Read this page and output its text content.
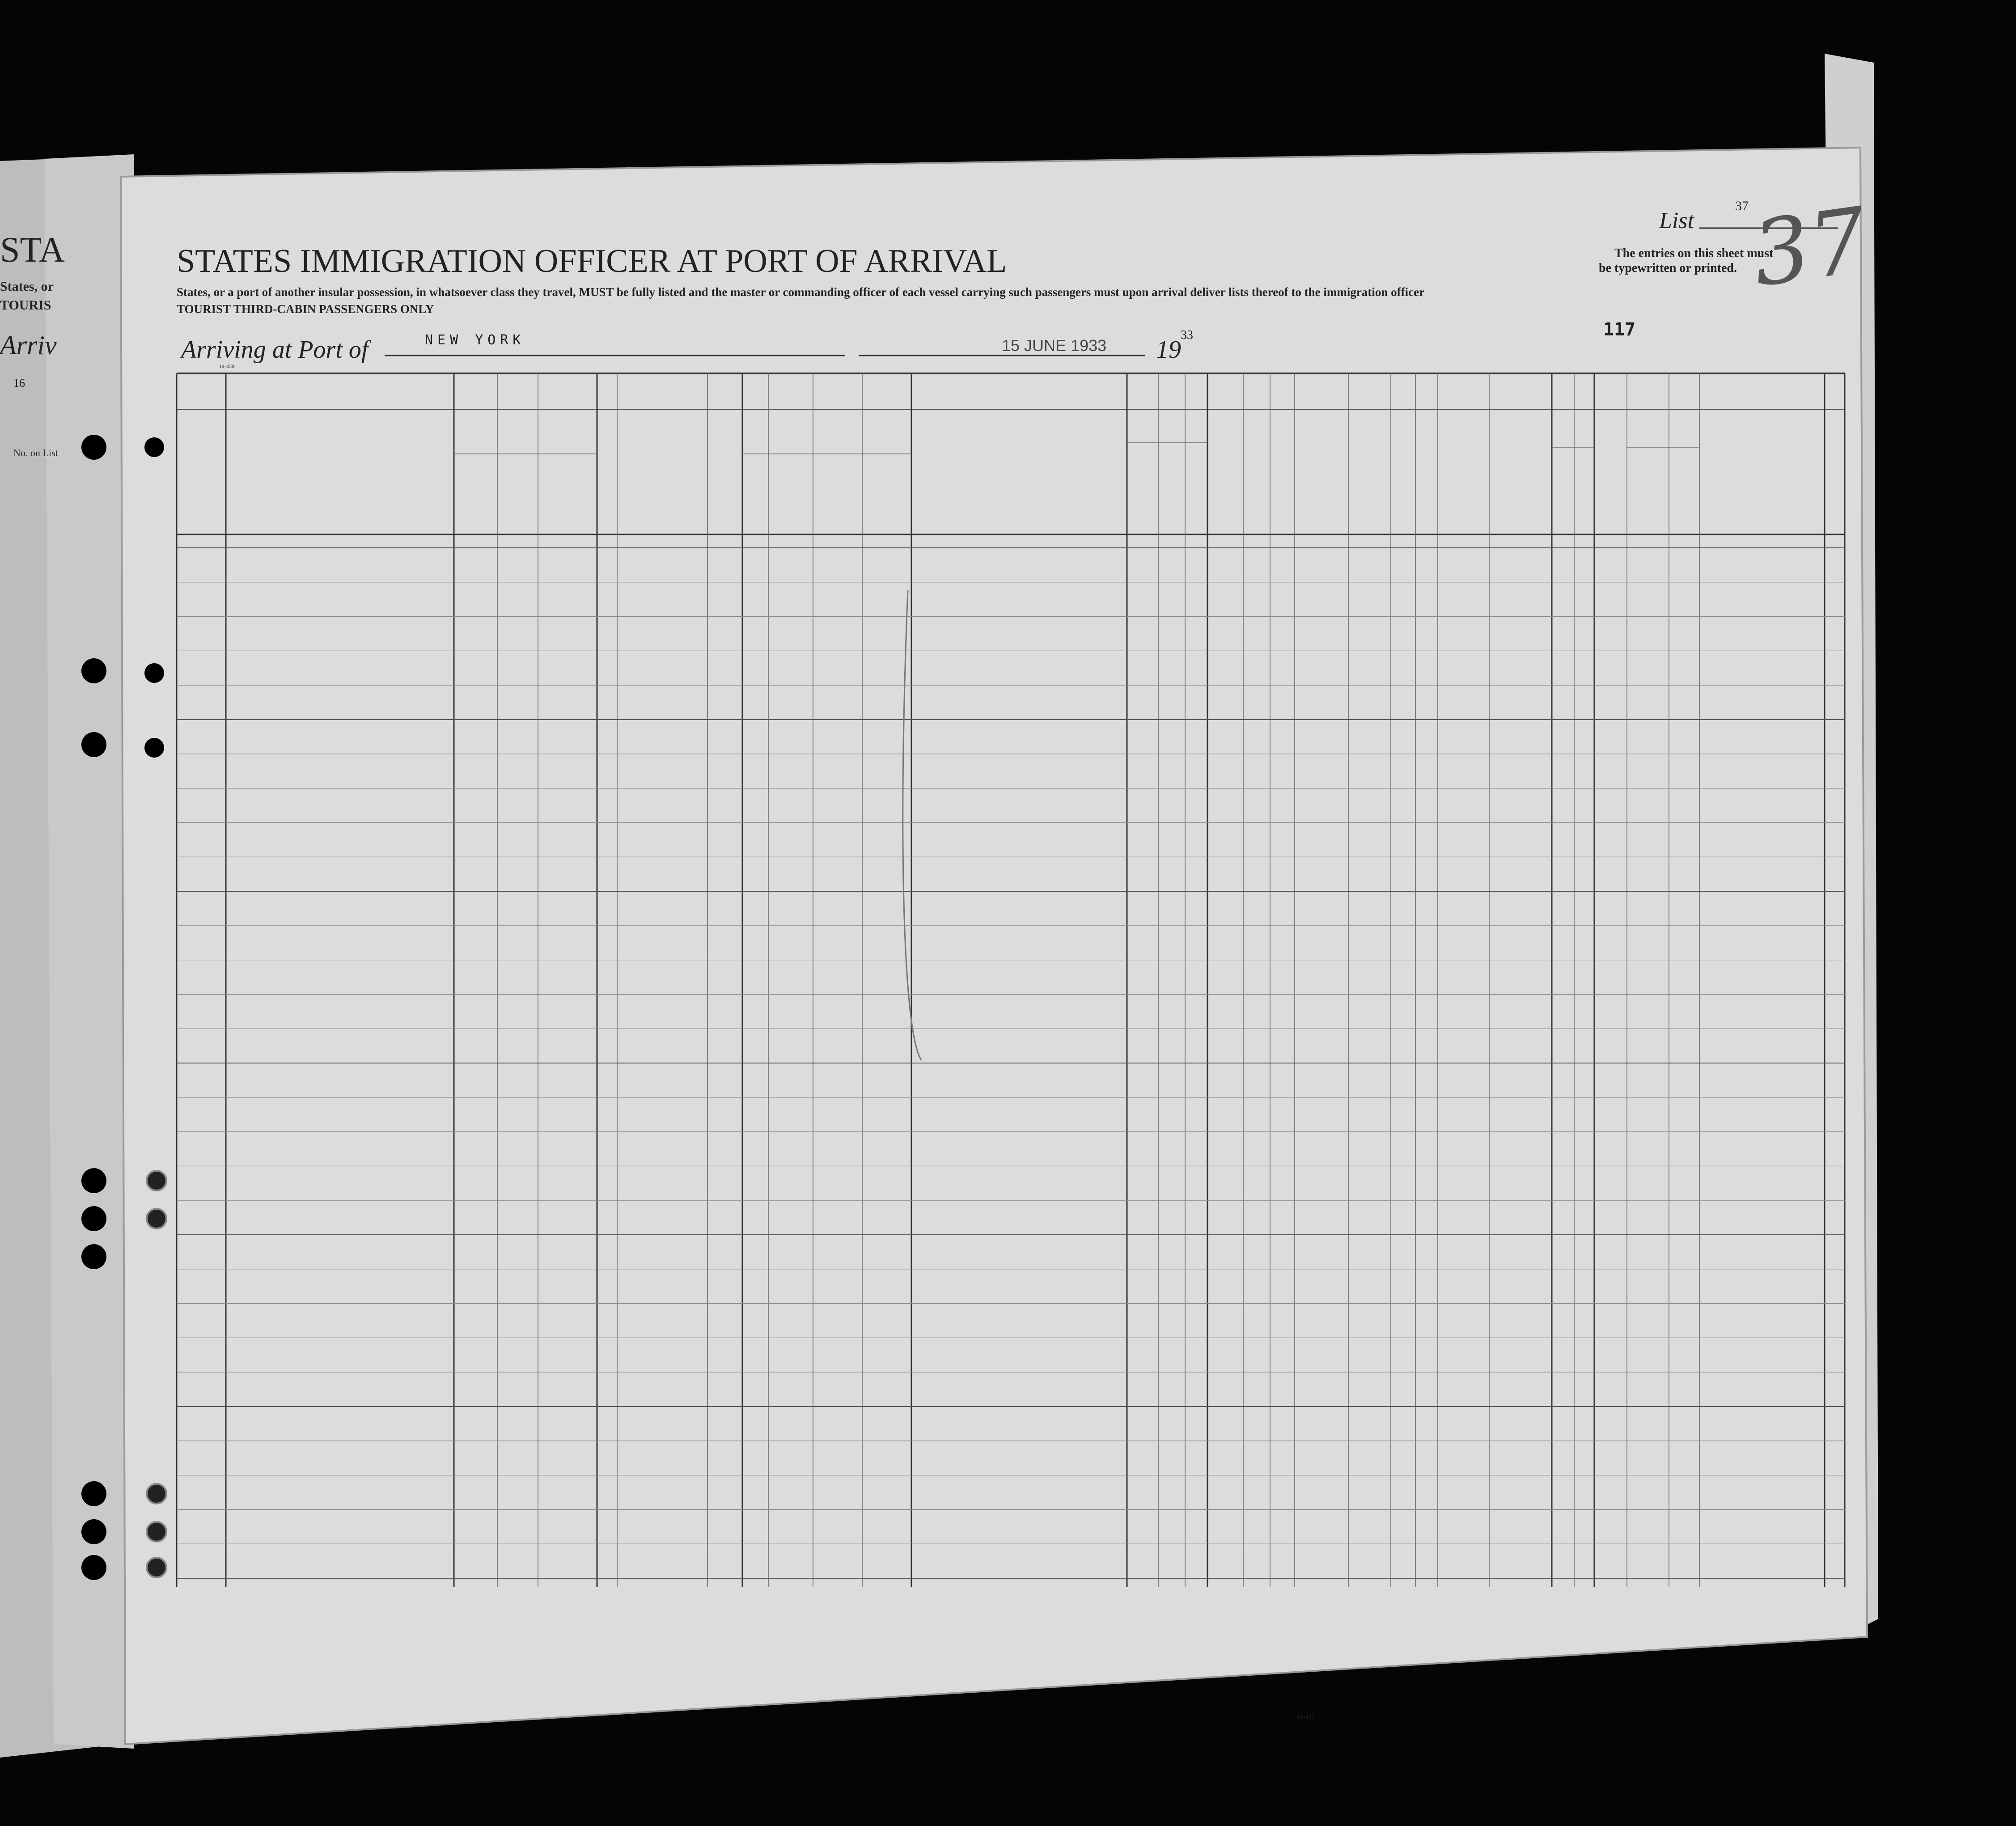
STA
States, or
TOURIS
Arriv
16
No. on List
STATES IMMIGRATION OFFICER AT PORT OF ARRIVAL
States, or a port of another insular possession, in whatsoever class they travel, MUST be fully listed and the master or commanding officer of each vessel carrying such passengers must upon arrival deliver lists thereof to the immigration officer
TOURIST THIRD-CABIN PASSENGERS ONLY
Arriving at Port of	NEW YORK	15 JUNE 1933 19
33
List
37
37
The entries on this sheet must
be typewritten or printed.
117
14-430
14-430
